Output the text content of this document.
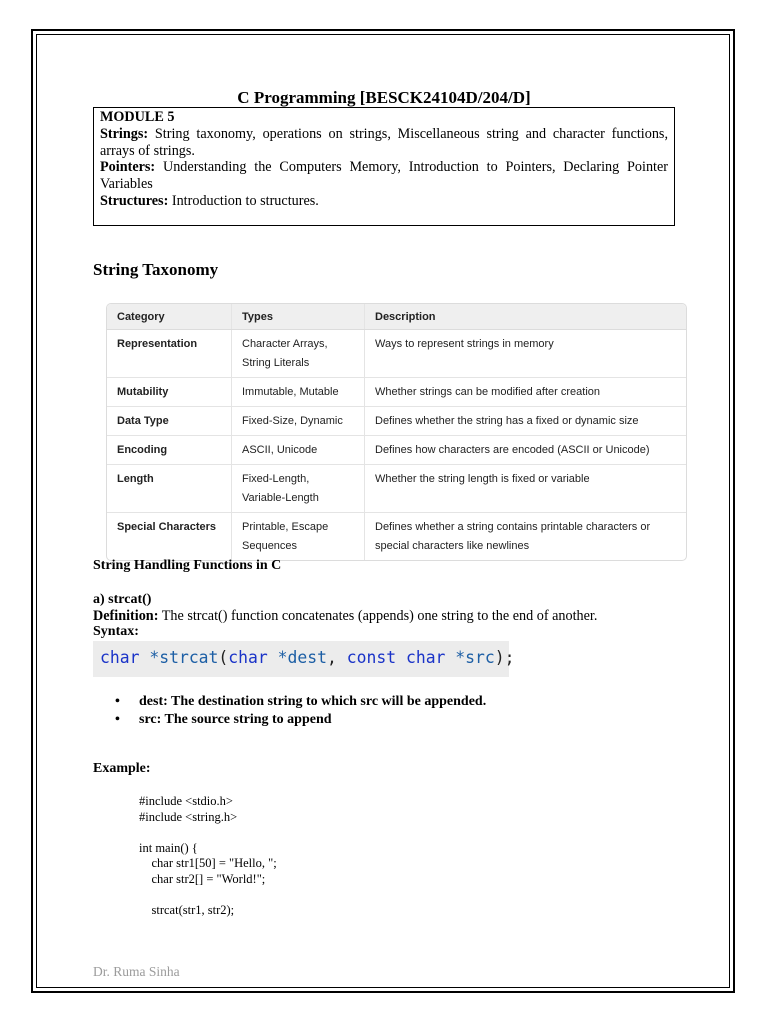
C Programming [BESCK24104D/204/D]

MODULE 5

Strings: String taxonomy, operations on strings, Miscellaneous string and character functions, arrays of strings.

Pointers: Understanding the Computers Memory, Introduction to Pointers, Declaring Pointer Variables

Structures: Introduction to structures.

String Taxonomy
Category	Types	Description
Representation	Character Arrays, String Literals	Ways to represent strings in memory
Mutability	Immutable, Mutable	Whether strings can be modified after creation
Data Type	Fixed-Size, Dynamic	Defines whether the string has a fixed or dynamic size
Encoding	ASCII, Unicode	Defines how characters are encoded (ASCII or Unicode)
Length	Fixed-Length, Variable-Length	Whether the string length is fixed or variable
Special Characters	Printable, Escape Sequences	Defines whether a string contains printable characters or special characters like newlines
String Handling Functions in C
a) strcat()
Definition: The strcat() function concatenates (appends) one string to the end of another.
Syntax:
char *strcat(char *dest, const char *src);
• dest: The destination string to which src will be appended.
• src: The source string to append
Example:
#include <stdio.h>
#include <string.h>

int main() {
char str1[50] = "Hello, ";
char str2[] = "World!";

strcat(str1, str2);
Dr. Ruma Sinha
